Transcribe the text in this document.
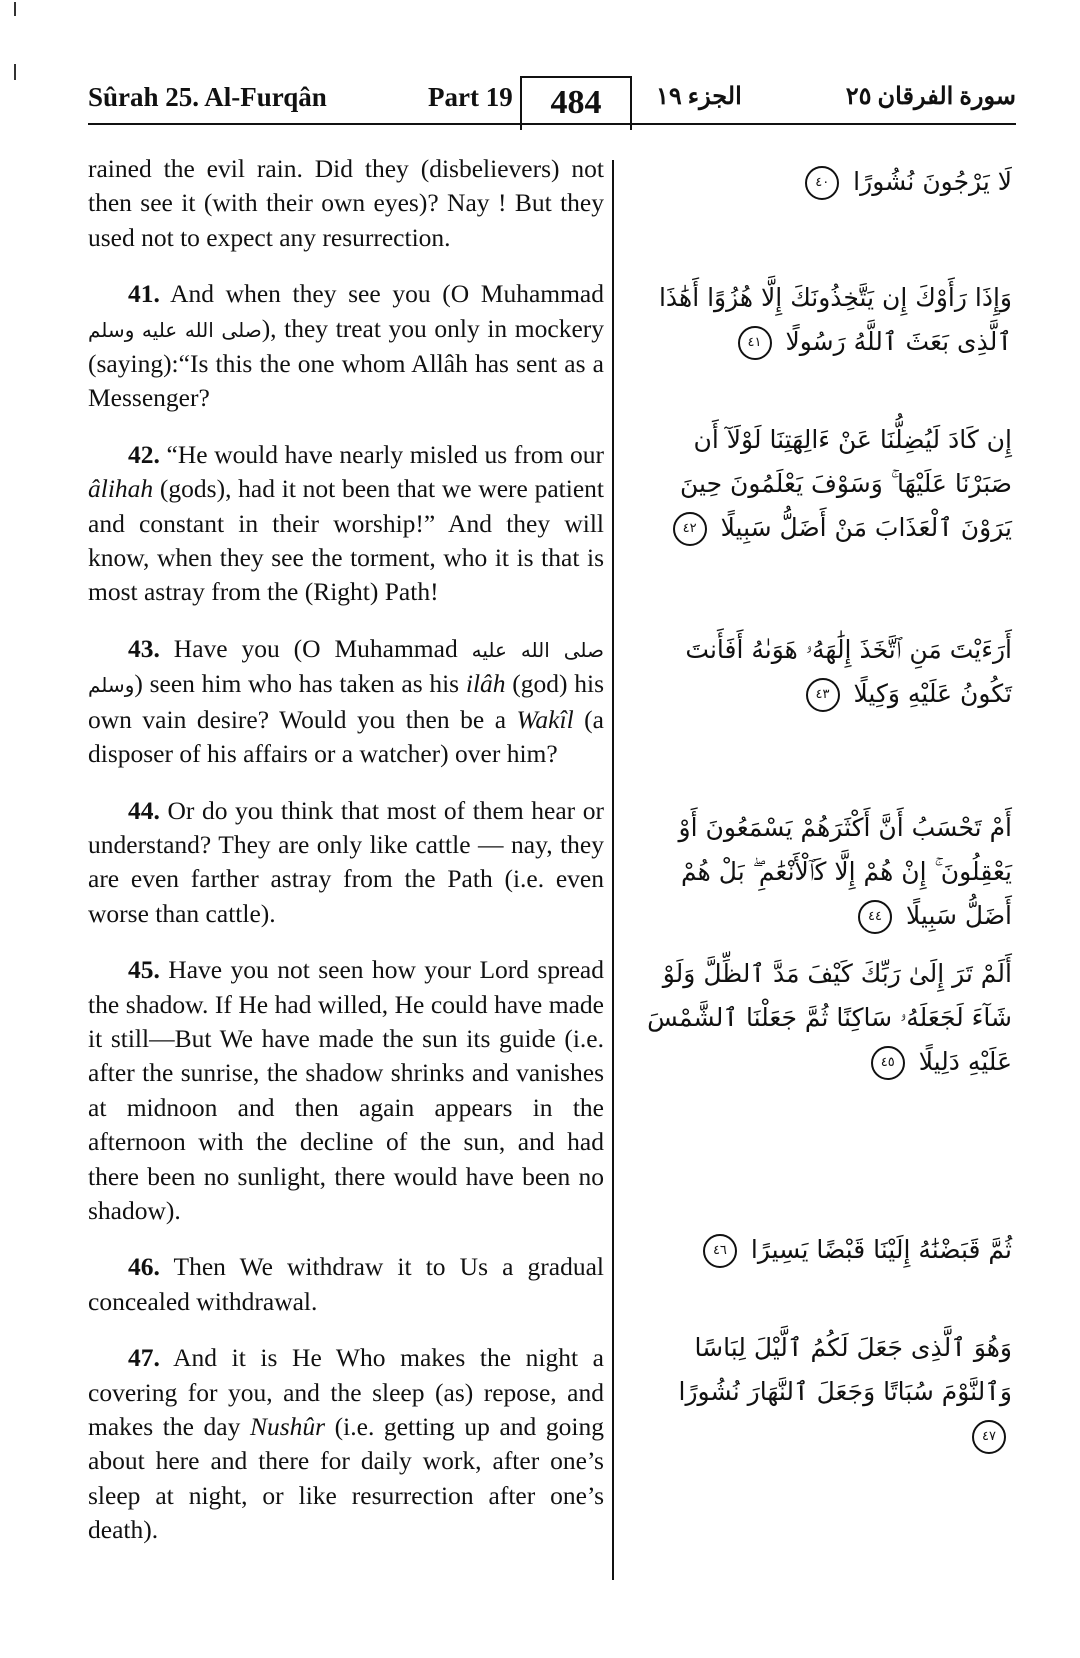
Sûrah 25. Al-Furqân	Part 19	484	الجزء ١٩	سورة الفرقان ٢٥

rained the evil rain. Did they (disbelievers) not then see it (with their own eyes)? Nay ! But they used not to expect any resurrection.

41. And when they see you (O Muhammad صلى الله عليه وسلم), they treat you only in mockery (saying):“Is this the one whom Allâh has sent as a Messenger?

42. “He would have nearly misled us from our âlihah (gods), had it not been that we were patient and constant in their worship!” And they will know, when they see the torment, who it is that is most astray from the (Right) Path!

43. Have you (O Muhammad صلى الله عليه وسلم) seen him who has taken as his ilâh (god) his own vain desire? Would you then be a Wakîl (a disposer of his affairs or a watcher) over him?

44. Or do you think that most of them hear or understand? They are only like cattle — nay, they are even farther astray from the Path (i.e. even worse than cattle).

45. Have you not seen how your Lord spread the shadow. If He had willed, He could have made it still—But We have made the sun its guide (i.e. after the sunrise, the shadow shrinks and vanishes at midnoon and then again appears in the afternoon with the decline of the sun, and had there been no sunlight, there would have been no shadow).

46. Then We withdraw it to Us a gradual concealed withdrawal.

47. And it is He Who makes the night a covering for you, and the sleep (as) repose, and makes the day Nushûr (i.e. getting up and going about here and there for daily work, after one’s sleep at night, or like resurrection after one’s death).

لَا يَرْجُونَ نُشُورًا ٤٠
وَإِذَا رَأَوْكَ إِن يَتَّخِذُونَكَ إِلَّا هُزُوًا أَهَٰذَا ٱلَّذِى بَعَثَ ٱللَّهُ رَسُولًا ٤١
إِن كَادَ لَيُضِلُّنَا عَنْ ءَالِهَتِنَا لَوْلَآ أَن صَبَرْنَا عَلَيْهَا ۚ وَسَوْفَ يَعْلَمُونَ حِينَ يَرَوْنَ ٱلْعَذَابَ مَنْ أَضَلُّ سَبِيلًا ٤٢
أَرَءَيْتَ مَنِ ٱتَّخَذَ إِلَٰهَهُۥ هَوَىٰهُ أَفَأَنتَ تَكُونُ عَلَيْهِ وَكِيلًا ٤٣
أَمْ تَحْسَبُ أَنَّ أَكْثَرَهُمْ يَسْمَعُونَ أَوْ يَعْقِلُونَ ۚ إِنْ هُمْ إِلَّا كَٱلْأَنْعَٰمِ ۖ بَلْ هُمْ أَضَلُّ سَبِيلًا ٤٤
أَلَمْ تَرَ إِلَىٰ رَبِّكَ كَيْفَ مَدَّ ٱلظِّلَّ وَلَوْ شَآءَ لَجَعَلَهُۥ سَاكِنًا ثُمَّ جَعَلْنَا ٱلشَّمْسَ عَلَيْهِ دَلِيلًا ٤٥
ثُمَّ قَبَضْنَٰهُ إِلَيْنَا قَبْضًا يَسِيرًا ٤٦
وَهُوَ ٱلَّذِى جَعَلَ لَكُمُ ٱلَّيْلَ لِبَاسًا وَٱلنَّوْمَ سُبَاتًا وَجَعَلَ ٱلنَّهَارَ نُشُورًا ٤٧
